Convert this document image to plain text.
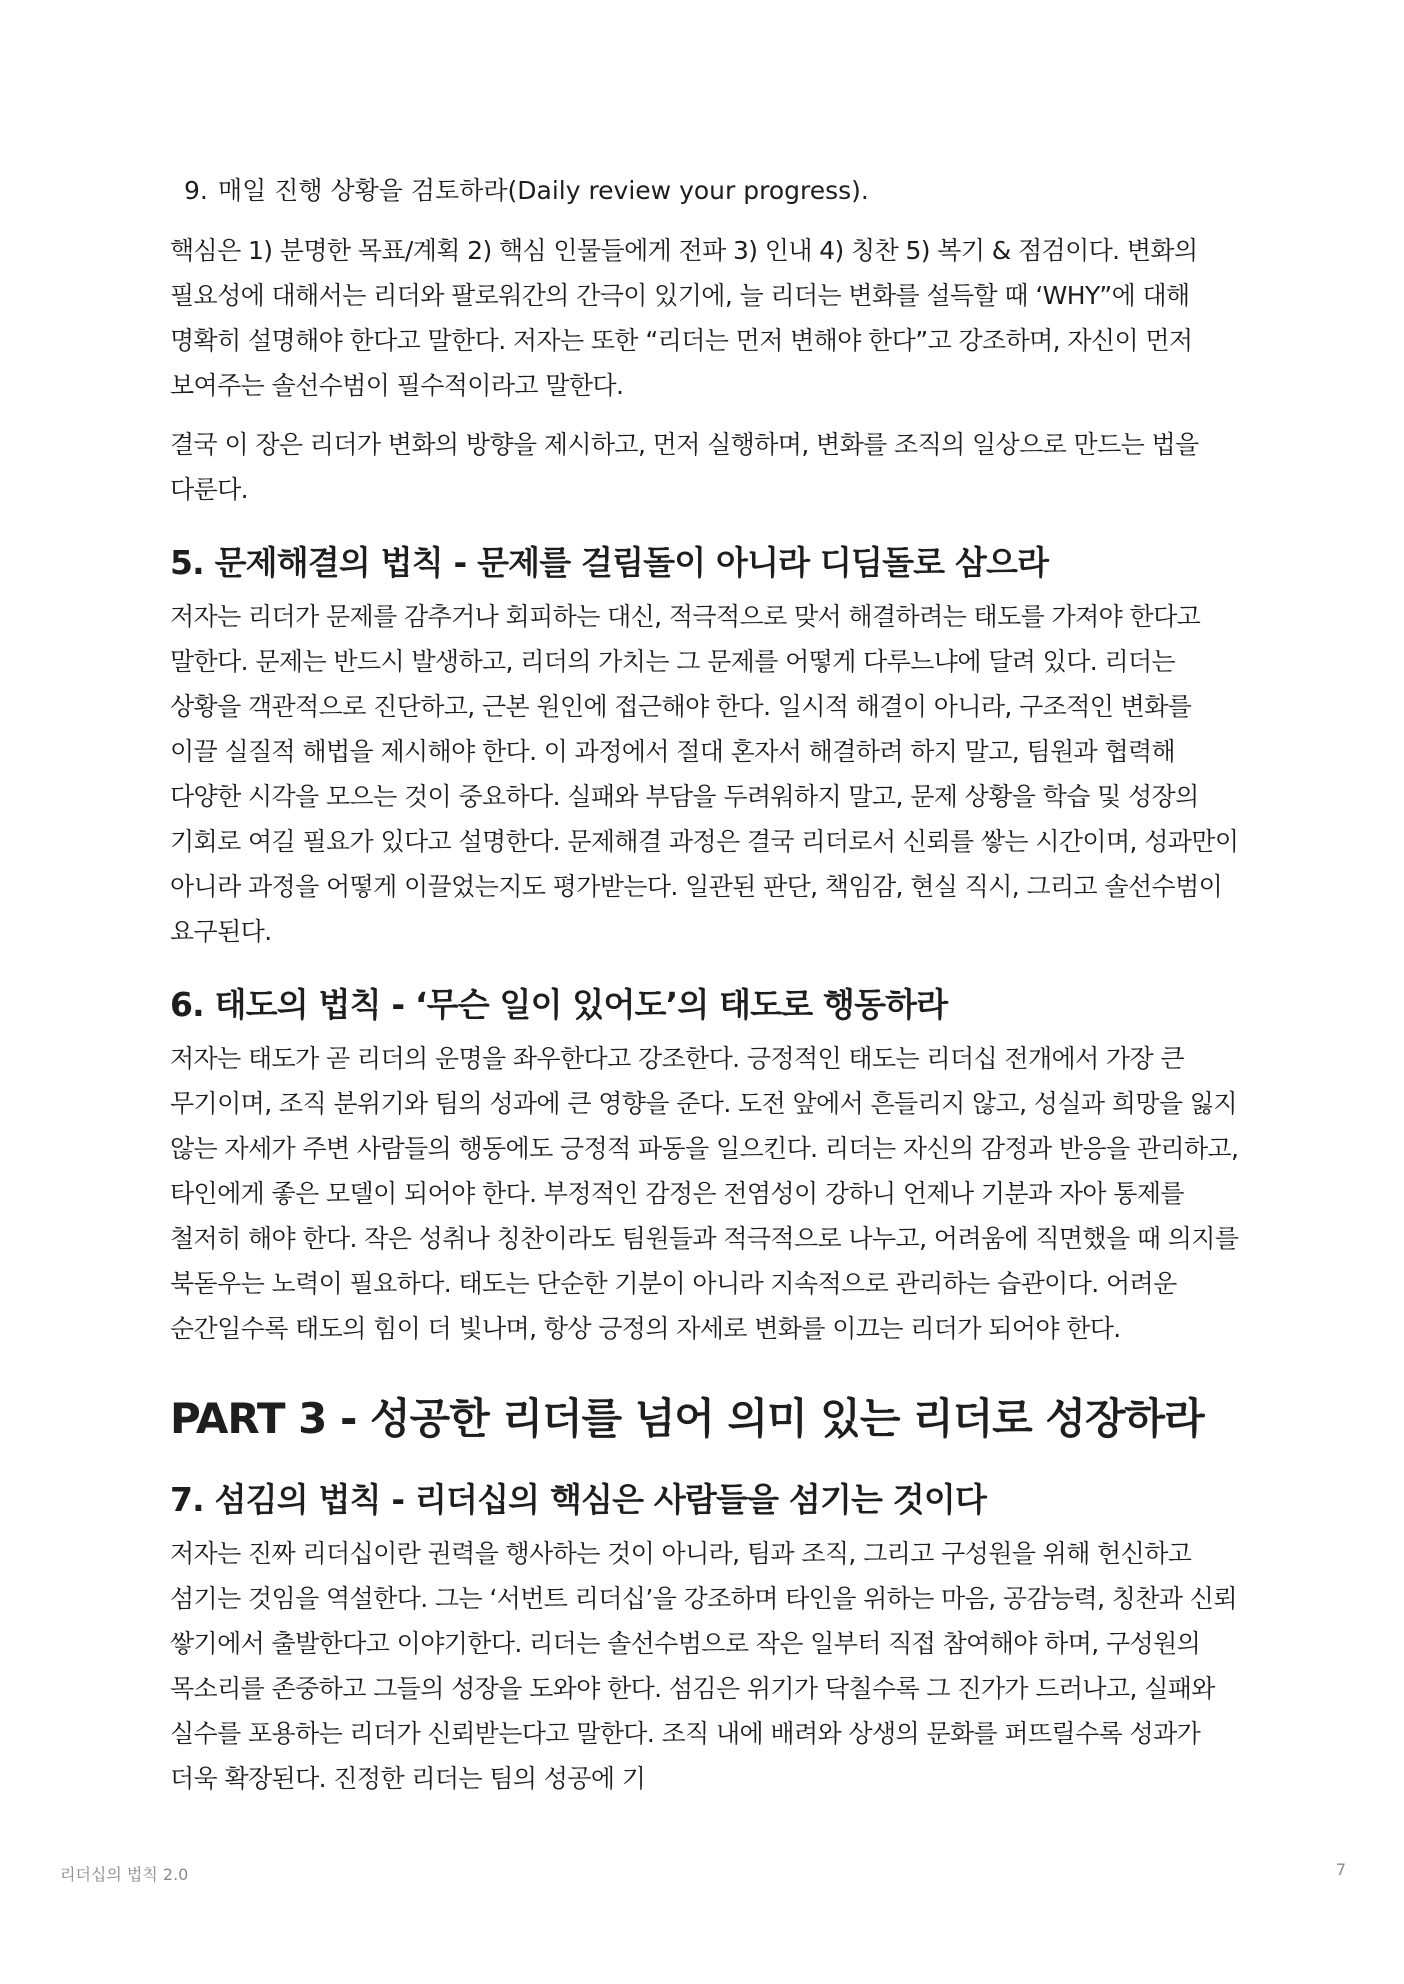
9. 매일 진행 상황을 검토하라(Daily review your progress).

핵심은 1) 분명한 목표/계획 2) 핵심 인물들에게 전파 3) 인내 4) 칭찬 5) 복기 & 점검이다. 변화의 필요성에 대해서는 리더와 팔로워간의 간극이 있기에, 늘 리더는 변화를 설득할 때 ‘WHY”에 대해 명확히 설명해야 한다고 말한다. 저자는 또한 “리더는 먼저 변해야 한다”고 강조하며, 자신이 먼저 보여주는 솔선수범이 필수적이라고 말한다.

결국 이 장은 리더가 변화의 방향을 제시하고, 먼저 실행하며, 변화를 조직의 일상으로 만드는 법을 다룬다.

5. 문제해결의 법칙 - 문제를 걸림돌이 아니라 디딤돌로 삼으라

저자는 리더가 문제를 감추거나 회피하는 대신, 적극적으로 맞서 해결하려는 태도를 가져야 한다고 말한다. 문제는 반드시 발생하고, 리더의 가치는 그 문제를 어떻게 다루느냐에 달려 있다. 리더는 상황을 객관적으로 진단하고, 근본 원인에 접근해야 한다. 일시적 해결이 아니라, 구조적인 변화를 이끌 실질적 해법을 제시해야 한다. 이 과정에서 절대 혼자서 해결하려 하지 말고, 팀원과 협력해 다양한 시각을 모으는 것이 중요하다. 실패와 부담을 두려워하지 말고, 문제 상황을 학습 및 성장의 기회로 여길 필요가 있다고 설명한다. 문제해결 과정은 결국 리더로서 신뢰를 쌓는 시간이며, 성과만이 아니라 과정을 어떻게 이끌었는지도 평가받는다. 일관된 판단, 책임감, 현실 직시, 그리고 솔선수범이 요구된다.

6. 태도의 법칙 - ‘무슨 일이 있어도’의 태도로 행동하라

저자는 태도가 곧 리더의 운명을 좌우한다고 강조한다. 긍정적인 태도는 리더십 전개에서 가장 큰 무기이며, 조직 분위기와 팀의 성과에 큰 영향을 준다. 도전 앞에서 흔들리지 않고, 성실과 희망을 잃지 않는 자세가 주변 사람들의 행동에도 긍정적 파동을 일으킨다. 리더는 자신의 감정과 반응을 관리하고, 타인에게 좋은 모델이 되어야 한다. 부정적인 감정은 전염성이 강하니 언제나 기분과 자아 통제를 철저히 해야 한다. 작은 성취나 칭찬이라도 팀원들과 적극적으로 나누고, 어려움에 직면했을 때 의지를 북돋우는 노력이 필요하다. 태도는 단순한 기분이 아니라 지속적으로 관리하는 습관이다. 어려운 순간일수록 태도의 힘이 더 빛나며, 항상 긍정의 자세로 변화를 이끄는 리더가 되어야 한다.

PART 3 - 성공한 리더를 넘어 의미 있는 리더로 성장하라
7. 섬김의 법칙 - 리더십의 핵심은 사람들을 섬기는 것이다

저자는 진짜 리더십이란 권력을 행사하는 것이 아니라, 팀과 조직, 그리고 구성원을 위해 헌신하고 섬기는 것임을 역설한다. 그는 ‘서번트 리더십’을 강조하며 타인을 위하는 마음, 공감능력, 칭찬과 신뢰 쌓기에서 출발한다고 이야기한다. 리더는 솔선수범으로 작은 일부터 직접 참여해야 하며, 구성원의 목소리를 존중하고 그들의 성장을 도와야 한다. 섬김은 위기가 닥칠수록 그 진가가 드러나고, 실패와 실수를 포용하는 리더가 신뢰받는다고 말한다. 조직 내에 배려와 상생의 문화를 퍼뜨릴수록 성과가 더욱 확장된다. 진정한 리더는 팀의 성공에 기

리더십의 법칙 2.0	7
